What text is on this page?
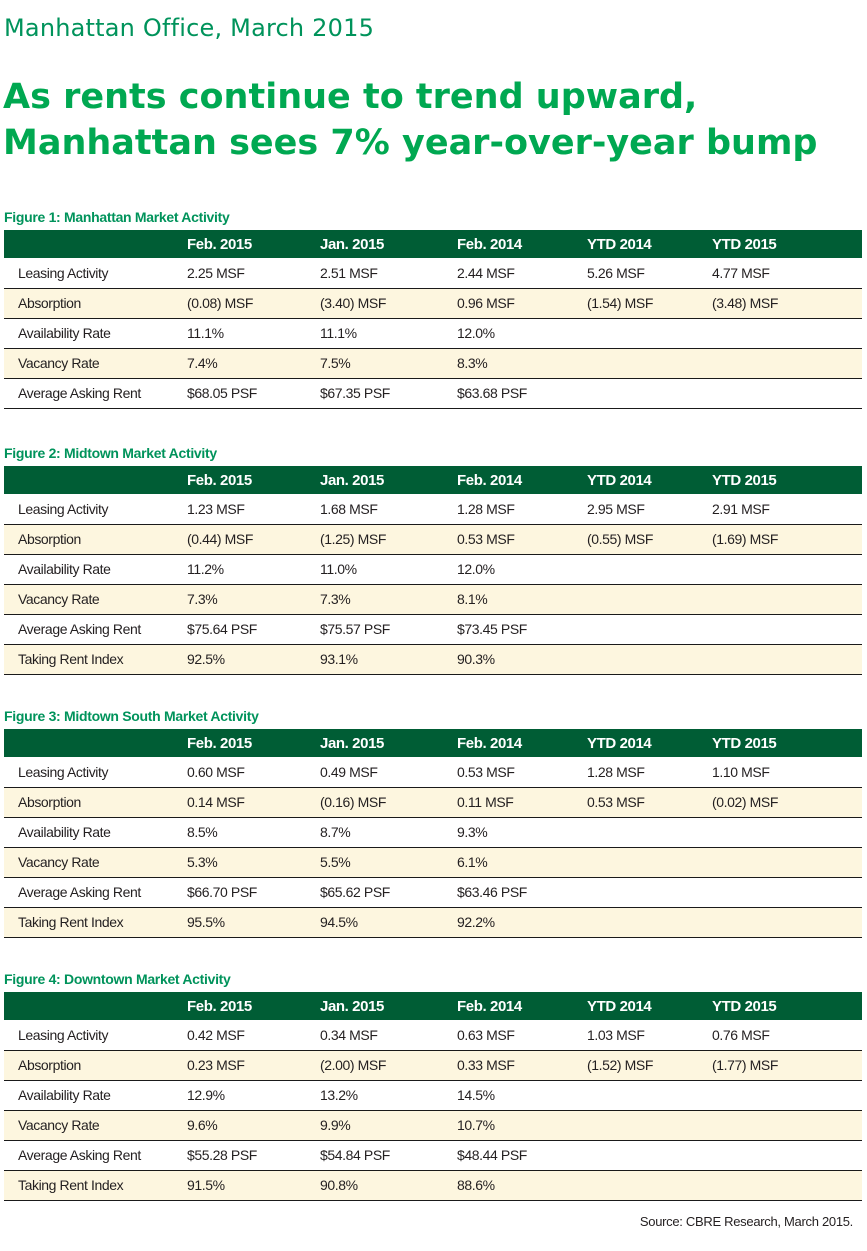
Manhattan Office, March 2015
As rents continue to trend upward,
Manhattan sees 7% year-over-year bump
Figure 1: Manhattan Market Activity
	Feb. 2015	Jan. 2015	Feb. 2014	YTD 2014	YTD 2015
Leasing Activity	2.25 MSF	2.51 MSF	2.44 MSF	5.26 MSF	4.77 MSF
Absorption	(0.08) MSF	(3.40) MSF	0.96 MSF	(1.54) MSF	(3.48) MSF
Availability Rate	11.1%	11.1%	12.0%		
Vacancy Rate	7.4%	7.5%	8.3%		
Average Asking Rent	$68.05 PSF	$67.35 PSF	$63.68 PSF		
Figure 2: Midtown Market Activity
	Feb. 2015	Jan. 2015	Feb. 2014	YTD 2014	YTD 2015
Leasing Activity	1.23 MSF	1.68 MSF	1.28 MSF	2.95 MSF	2.91 MSF
Absorption	(0.44) MSF	(1.25) MSF	0.53 MSF	(0.55) MSF	(1.69) MSF
Availability Rate	11.2%	11.0%	12.0%		
Vacancy Rate	7.3%	7.3%	8.1%		
Average Asking Rent	$75.64 PSF	$75.57 PSF	$73.45 PSF		
Taking Rent Index	92.5%	93.1%	90.3%		
Figure 3: Midtown South Market Activity
	Feb. 2015	Jan. 2015	Feb. 2014	YTD 2014	YTD 2015
Leasing Activity	0.60 MSF	0.49 MSF	0.53 MSF	1.28 MSF	1.10 MSF
Absorption	0.14 MSF	(0.16) MSF	0.11 MSF	0.53 MSF	(0.02) MSF
Availability Rate	8.5%	8.7%	9.3%		
Vacancy Rate	5.3%	5.5%	6.1%		
Average Asking Rent	$66.70 PSF	$65.62 PSF	$63.46 PSF		
Taking Rent Index	95.5%	94.5%	92.2%		
Figure 4: Downtown Market Activity
	Feb. 2015	Jan. 2015	Feb. 2014	YTD 2014	YTD 2015
Leasing Activity	0.42 MSF	0.34 MSF	0.63 MSF	1.03 MSF	0.76 MSF
Absorption	0.23 MSF	(2.00) MSF	0.33 MSF	(1.52) MSF	(1.77) MSF
Availability Rate	12.9%	13.2%	14.5%		
Vacancy Rate	9.6%	9.9%	10.7%		
Average Asking Rent	$55.28 PSF	$54.84 PSF	$48.44 PSF		
Taking Rent Index	91.5%	90.8%	88.6%		
Source: CBRE Research, March 2015.
